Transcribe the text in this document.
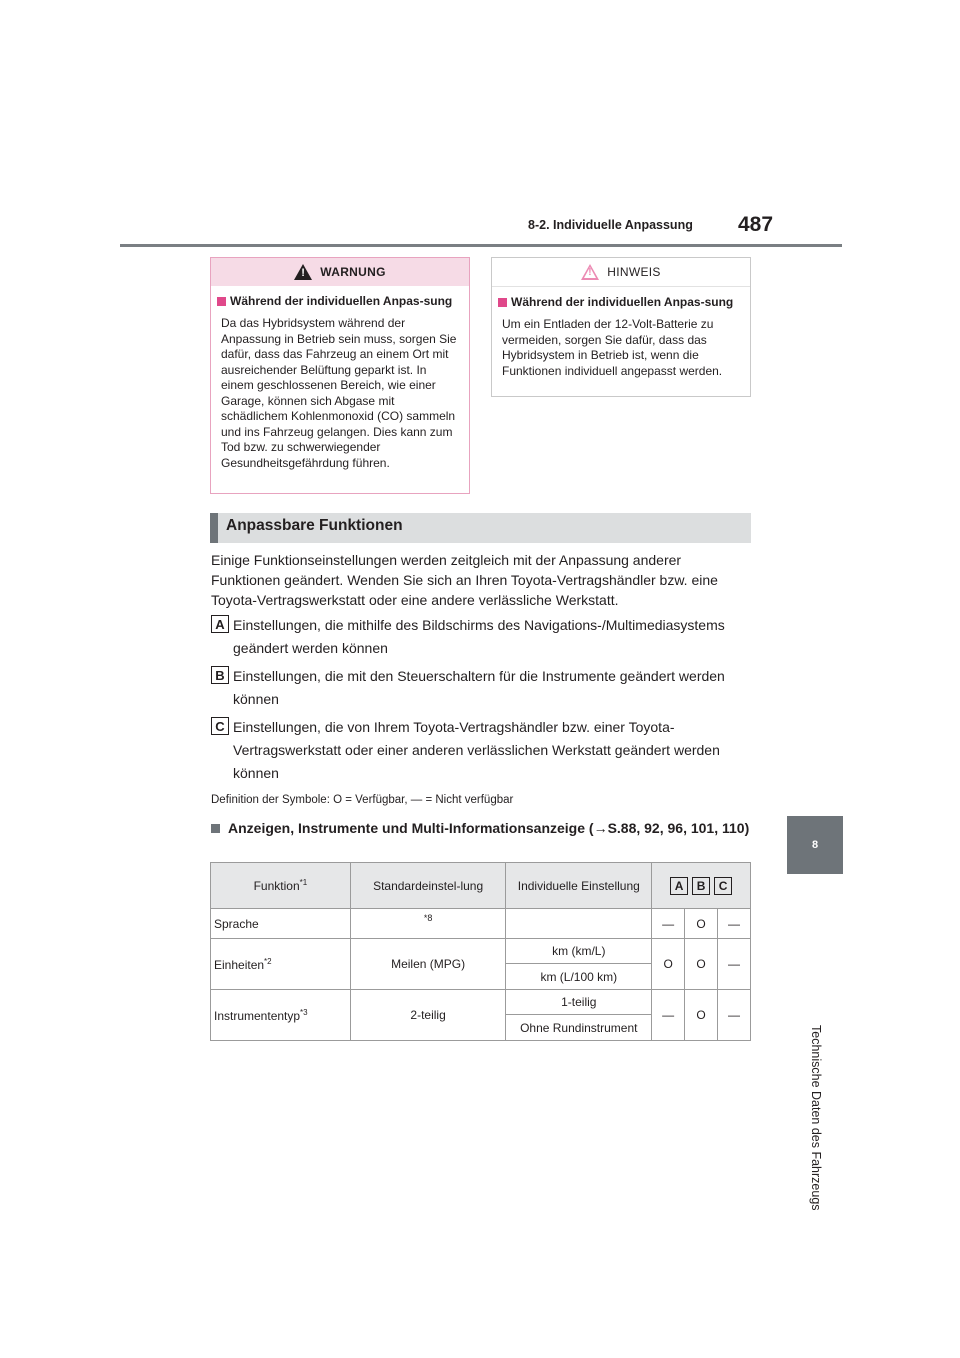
8-2. Individuelle Anpassung 487
8
Technische Daten des Fahrzeugs
!
WARNUNG
Während der individuellen Anpas-sung
Da das Hybridsystem während der Anpassung in Betrieb sein muss, sorgen Sie dafür, dass das Fahrzeug an einem Ort mit ausreichender Belüftung geparkt ist. In einem geschlossenen Bereich, wie einer Garage, können sich Abgase mit schädlichem Kohlenmonoxid (CO) sammeln und ins Fahrzeug gelangen. Dies kann zum Tod bzw. zu schwerwiegender Gesundheitsgefährdung führen.
!
HINWEIS
Während der individuellen Anpas-sung
Um ein Entladen der 12-Volt-Batterie zu vermeiden, sorgen Sie dafür, dass das Hybridsystem in Betrieb ist, wenn die Funktionen individuell angepasst werden.
Anpassbare Funktionen
Einige Funktionseinstellungen werden zeitgleich mit der Anpassung anderer Funktionen geändert. Wenden Sie sich an Ihren Toyota-Vertragshändler bzw. eine Toyota-Vertragswerkstatt oder eine andere verlässliche Werkstatt.
A Einstellungen, die mithilfe des Bildschirms des Navigations-/Multimediasystems geändert werden können
B Einstellungen, die mit den Steuerschaltern für die Instrumente geändert werden können
C Einstellungen, die von Ihrem Toyota-Vertragshändler bzw. einer Toyota-Vertragswerkstatt oder einer anderen verlässlichen Werkstatt geändert werden können
Definition der Symbole: O = Verfügbar, — = Nicht verfügbar
Anzeigen, Instrumente und Multi-Informationsanzeige (→S.88, 92, 96, 101, 110)
Funktion$^{*1}$	Standardeinstel-lung	Individuelle Einstellung	A B C		

Sprache	*8		—	O	—
Einheiten$^{*2}$	Meilen (MPG)	km (km/L)	O	O	—
		km (L/100 km)			
Instrumententyp$^{*3}$	2-teilig	1-teilig	—	O	—
		Ohne Rundinstrument			
